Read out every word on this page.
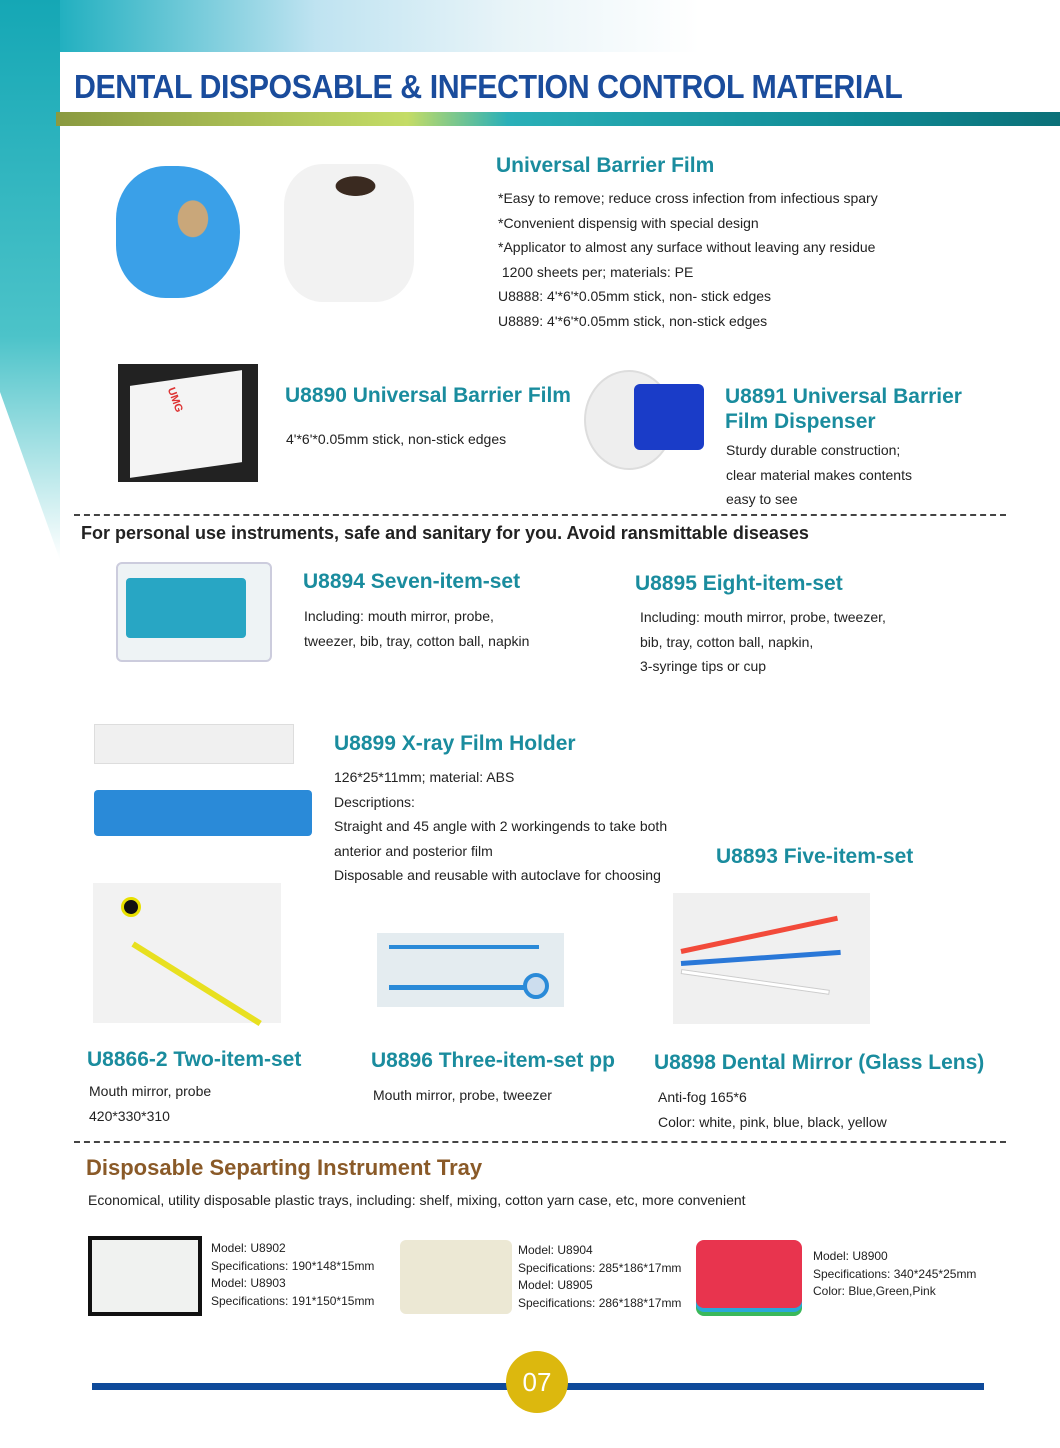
DENTAL DISPOSABLE & INFECTION CONTROL MATERIAL
Universal Barrier Film
*Easy to remove; reduce cross infection from infectious spary
*Convenient dispensig with special design
*Applicator to almost any surface without leaving any residue
1200 sheets per; materials: PE
U8888: 4'*6'*0.05mm stick, non- stick edges
U8889: 4'*6'*0.05mm stick, non-stick edges
UMG	U8890 Universal Barrier Film
4'*6'*0.05mm stick, non-stick edges
U8891 Universal Barrier
Film Dispenser
Sturdy durable construction;
clear material makes contents
easy to see
For personal use instruments, safe and sanitary for you. Avoid ransmittable diseases
U8894 Seven-item-set
Including: mouth mirror, probe,
tweezer, bib, tray, cotton ball, napkin
U8895 Eight-item-set
Including: mouth mirror, probe, tweezer,
bib, tray, cotton ball, napkin,
3-syringe tips or cup
U8899 X-ray Film Holder
126*25*11mm; material: ABS
Descriptions:
Straight and 45 angle with 2 workingends to take both
anterior and posterior film
Disposable and reusable with autoclave for choosing
U8893 Five-item-set
U8866-2 Two-item-set
Mouth mirror, probe
420*330*310
U8896 Three-item-set pp
Mouth mirror, probe, tweezer
U8898 Dental Mirror (Glass Lens)
Anti-fog 165*6
Color: white, pink, blue, black, yellow
Disposable Separting Instrument Tray
Economical, utility disposable plastic trays, including: shelf, mixing, cotton yarn case, etc, more convenient
Model: U8902
Specifications: 190*148*15mm
Model: U8903
Specifications: 191*150*15mm
Model: U8904
Specifications: 285*186*17mm
Model: U8905
Specifications: 286*188*17mm
Model: U8900
Specifications: 340*245*25mm
Color: Blue,Green,Pink
07
